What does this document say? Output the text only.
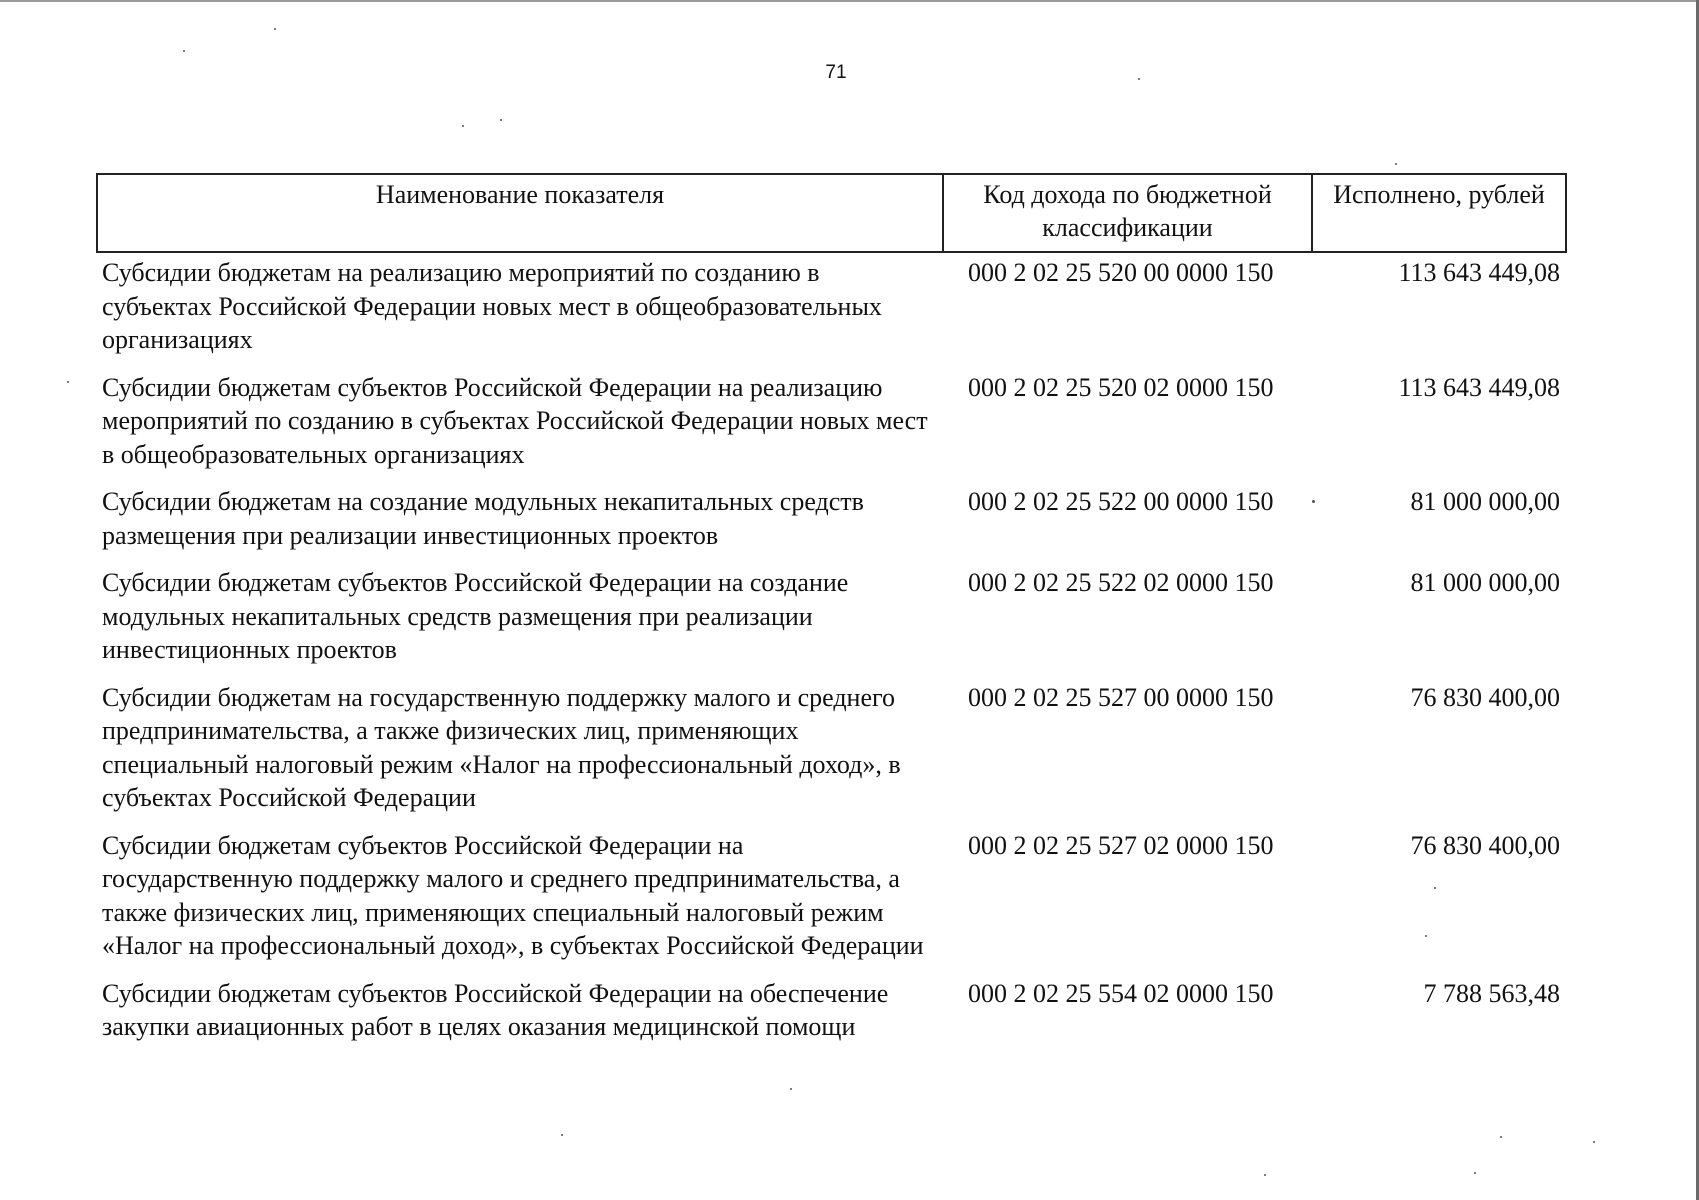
71
Наименование показателя	Код дохода по бюджетной классификации	Исполнено, рублей
Субсидии бюджетам на реализацию мероприятий по созданию в субъектах Российской Федерации новых мест в общеобразовательных организациях	000 2 02 25 520 00 0000 150	113 643 449,08
Субсидии бюджетам субъектов Российской Федерации на реализацию мероприятий по созданию в субъектах Российской Федерации новых мест в общеобразовательных организациях	000 2 02 25 520 02 0000 150	113 643 449,08
Субсидии бюджетам на создание модульных некапитальных средств размещения при реализации инвестиционных проектов	000 2 02 25 522 00 0000 150	81 000 000,00
Субсидии бюджетам субъектов Российской Федерации на создание модульных некапитальных средств размещения при реализации инвестиционных проектов	000 2 02 25 522 02 0000 150	81 000 000,00
Субсидии бюджетам на государственную поддержку малого и среднего предпринимательства, а также физических лиц, применяющих специальный налоговый режим «Налог на профессиональный доход», в субъектах Российской Федерации	000 2 02 25 527 00 0000 150	76 830 400,00
Субсидии бюджетам субъектов Российской Федерации на государственную поддержку малого и среднего предпринимательства, а также физических лиц, применяющих специальный налоговый режим «Налог на профессиональный доход», в субъектах Российской Федерации	000 2 02 25 527 02 0000 150	76 830 400,00
Субсидии бюджетам субъектов Российской Федерации на обеспечение закупки авиационных работ в целях оказания медицинской помощи	000 2 02 25 554 02 0000 150	7 788 563,48
